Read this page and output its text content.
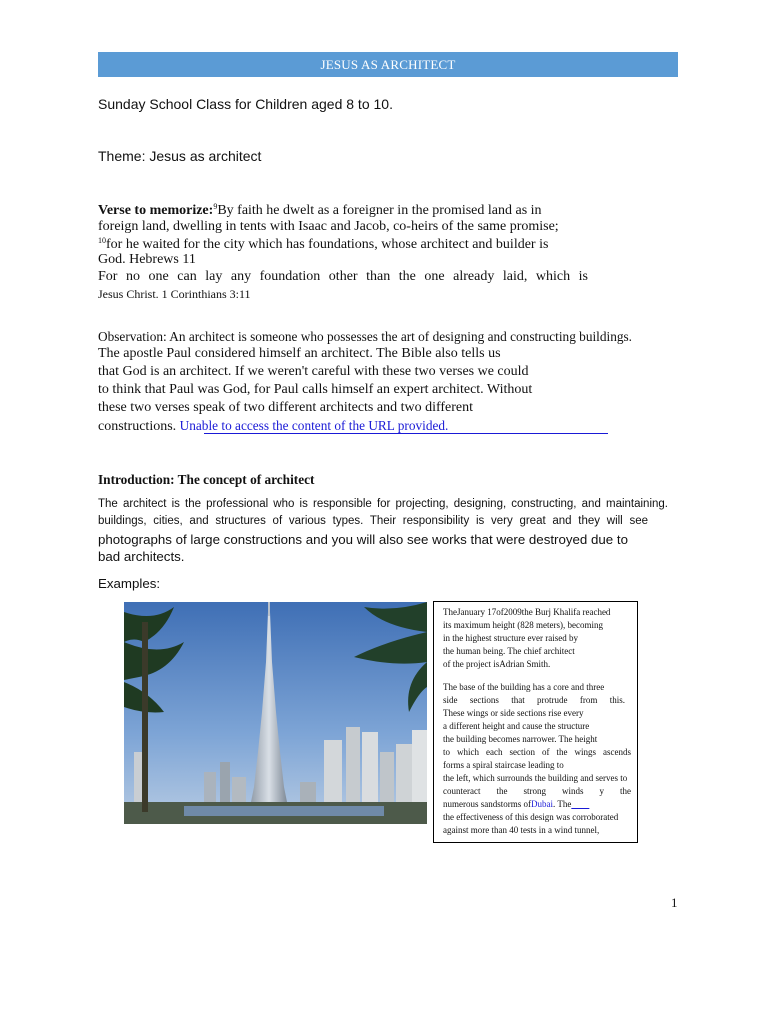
JESUS AS ARCHITECT
Sunday School Class for Children aged 8 to 10.
Theme: Jesus as architect
Verse to memorize:$^9$By faith he dwelt as a foreigner in the promised land as in
foreign land, dwelling in tents with Isaac and Jacob, co-heirs of the same promise;
$^{10}$for he waited for the city which has foundations, whose architect and builder is
God. Hebrews 11
For no one can lay any foundation other than the one already laid, which is
Jesus Christ. 1 Corinthians 3:11
Observation: An architect is someone who possesses the art of designing and constructing buildings.
The apostle Paul considered himself an architect. The Bible also tells us
that God is an architect. If we weren't careful with these two verses we could
to think that Paul was God, for Paul calls himself an expert architect. Without
these two verses speak of two different architects and two different
constructions. Unable to access the content of the URL provided.
Introduction: The concept of architect
The architect is the professional who is responsible for projecting, designing, constructing, and maintaining.
buildings, cities, and structures of various types. Their responsibility is very great and they will see
photographs of large constructions and you will also see works that were destroyed due to
bad architects.
Examples:
TheJanuary 17of2009the Burj Khalifa reached
its maximum height (828 meters), becoming
in the highest structure ever raised by
the human being. The chief architect
of the project isAdrian Smith.
The base of the building has a core and three
side sections that protrude from this.
These wings or side sections rise every
a different height and cause the structure
the building becomes narrower. The height
to which each section of the wings ascends
forms a spiral staircase leading to
the left, which surrounds the building and serves to
counteract the strong winds y the
numerous sandstorms ofDubai. The
the effectiveness of this design was corroborated
against more than 40 tests in a wind tunnel,
1
